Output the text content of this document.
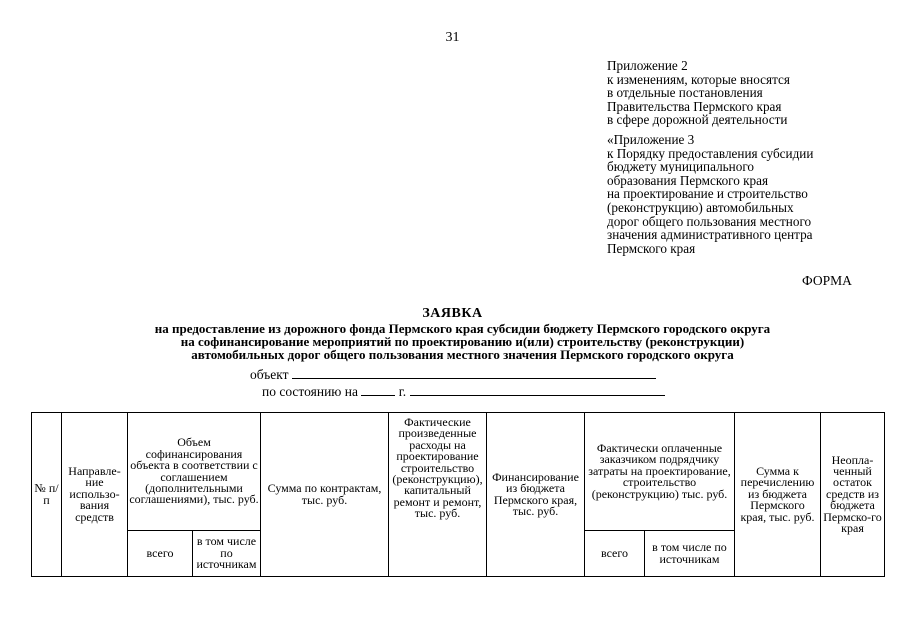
31
Приложение 2
к изменениям, которые вносятся
в отдельные постановления
Правительства Пермского края
в сфере дорожной деятельности
«Приложение 3
к Порядку предоставления субсидии
бюджету муниципального
образования Пермского края
на проектирование и строительство
(реконструкцию) автомобильных
дорог общего пользования местного
значения административного центра
Пермского края
ФОРМА
ЗАЯВКА
на предоставление из дорожного фонда Пермского края субсидии бюджету Пермского городского округа
на софинансирование мероприятий по проектированию и(или) строительству (реконструкции)
автомобильных дорог общего пользования местного значения Пермского городского округа
объект
по состоянию на	г.
№ п/п	Направле-ние использо-вания средств	Объем софинансирования объекта в соответствии с соглашением (дополнительными соглашениями), тыс. руб.		Сумма по контрактам, тыс. руб.	Фактические произведенные расходы на проектирование строительство (реконструкцию), капитальный ремонт и ремонт, тыс. руб.	Финансирование из бюджета Пермского края, тыс. руб.	Фактически оплаченные заказчиком подрядчику затраты на проектирование, строительство (реконструкцию) тыс. руб.		Сумма к перечислению из бюджета Пермского края, тыс. руб.	Неопла-ченный остаток средств из бюджета Пермско-го края
		всего	в том числе по источникам				всего	в том числе по источникам		
